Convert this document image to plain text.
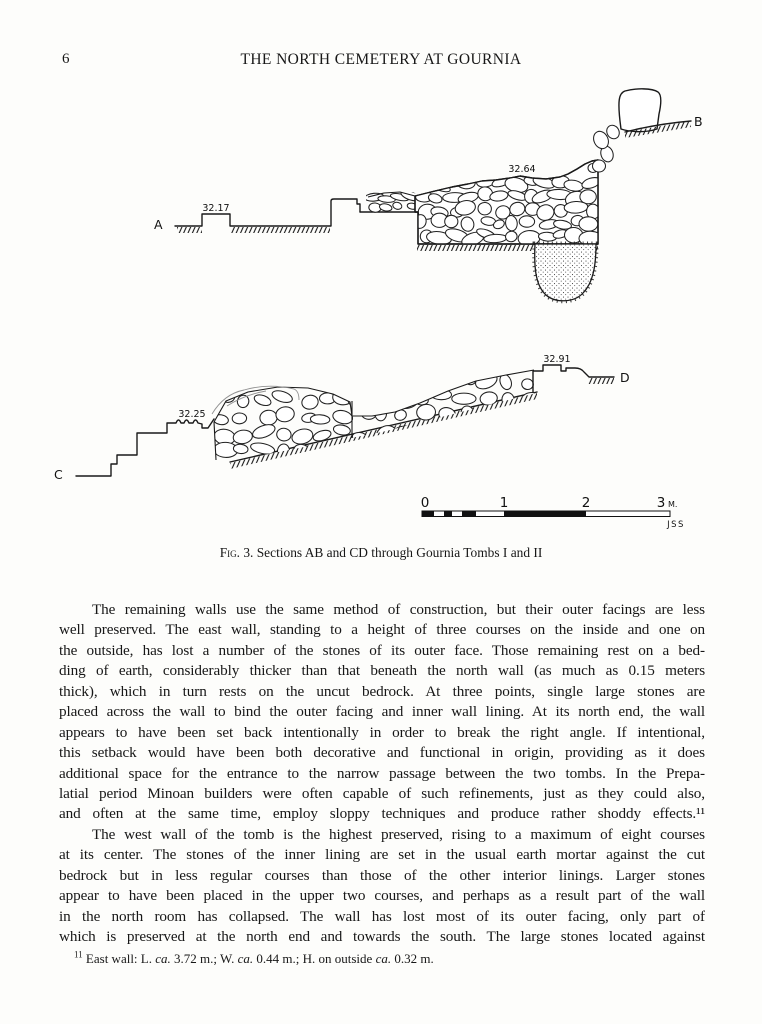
6	THE NORTH CEMETERY AT GOURNIA
A
B
32.17
32.64
C
D
32.25
32.91
0	1	2	3 M.
JSS
Fig. 3. Sections AB and CD through Gournia Tombs I and II
The remaining walls use the same method of construction, but their outer facings are less
well preserved. The east wall, standing to a height of three courses on the inside and one on
the outside, has lost a number of the stones of its outer face. Those remaining rest on a bed-
ding of earth, considerably thicker than that beneath the north wall (as much as 0.15 meters
thick), which in turn rests on the uncut bedrock. At three points, single large stones are
placed across the wall to bind the outer facing and inner wall lining. At its north end, the wall
appears to have been set back intentionally in order to break the right angle. If intentional,
this setback would have been both decorative and functional in origin, providing as it does
additional space for the entrance to the narrow passage between the two tombs. In the Prepa-
latial period Minoan builders were often capable of such refinements, just as they could also,
and often at the same time, employ sloppy techniques and produce rather shoddy effects.¹¹
The west wall of the tomb is the highest preserved, rising to a maximum of eight courses
at its center. The stones of the inner lining are set in the usual earth mortar against the cut
bedrock but in less regular courses than those of the other interior linings. Larger stones
appear to have been placed in the upper two courses, and perhaps as a result part of the wall
in the north room has collapsed. The wall has lost most of its outer facing, only part of
which is preserved at the north end and towards the south. The large stones located against
$^{11}$ East wall: L. ca. 3.72 m.; W. ca. 0.44 m.; H. on outside ca. 0.32 m.
